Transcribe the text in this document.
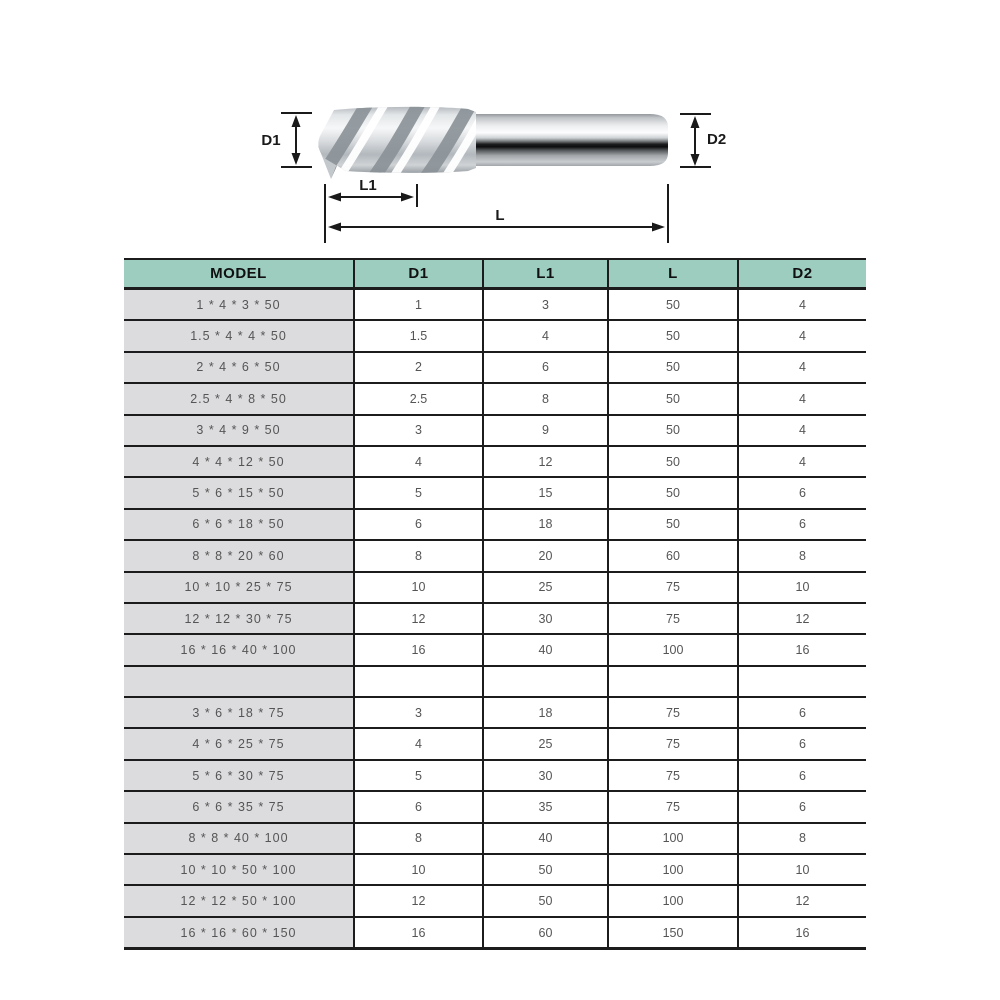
D1	D2
L1
L
MODEL	D1	L1	L	D2
1 * 4 * 3 * 50	1	3	50	4
1.5 * 4 * 4 * 50	1.5	4	50	4
2 * 4 * 6 * 50	2	6	50	4
2.5 * 4 * 8 * 50	2.5	8	50	4
3 * 4 * 9 * 50	3	9	50	4
4 * 4 * 12 * 50	4	12	50	4
5 * 6 * 15 * 50	5	15	50	6
6 * 6 * 18 * 50	6	18	50	6
8 * 8 * 20 * 60	8	20	60	8
10 * 10 * 25 * 75	10	25	75	10
12 * 12 * 30 * 75	12	30	75	12
16 * 16 * 40 * 100	16	40	100	16

3 * 6 * 18 * 75	3	18	75	6
4 * 6 * 25 * 75	4	25	75	6
5 * 6 * 30 * 75	5	30	75	6
6 * 6 * 35 * 75	6	35	75	6
8 * 8 * 40 * 100	8	40	100	8
10 * 10 * 50 * 100	10	50	100	10
12 * 12 * 50 * 100	12	50	100	12
16 * 16 * 60 * 150	16	60	150	16
